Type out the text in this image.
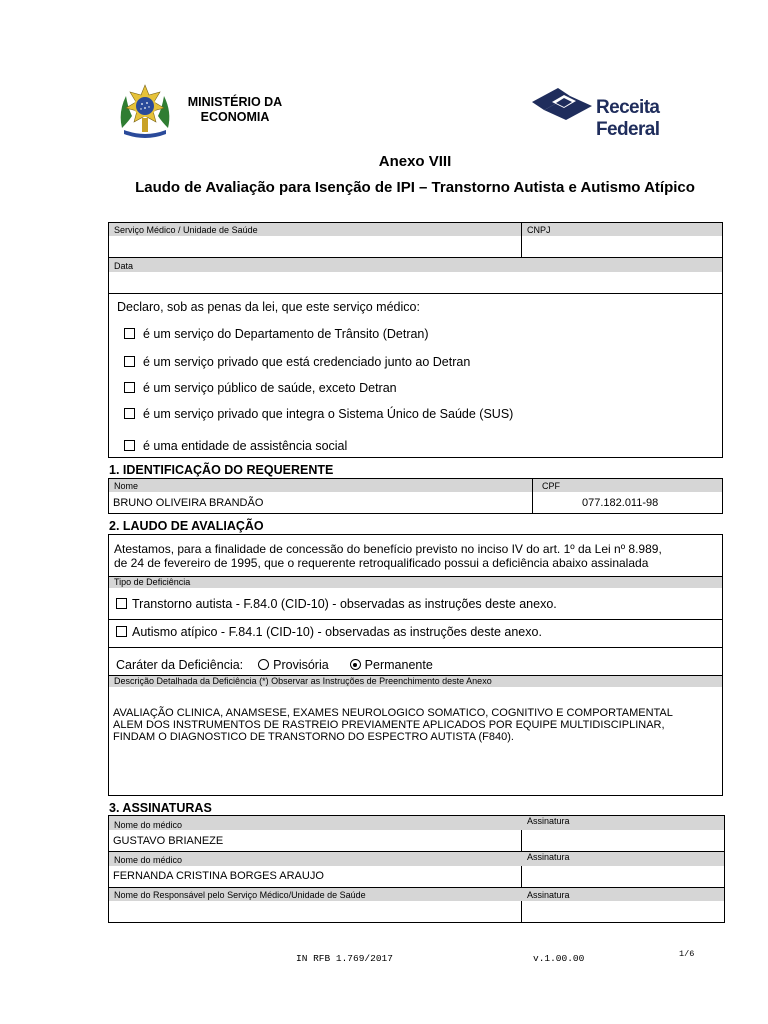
MINISTÉRIO DA
ECONOMIA	Receita Federal
Anexo VIII
Laudo de Avaliação para Isenção de IPI – Transtorno Autista e Autismo Atípico
Serviço Médico / Unidade de Saúde	CNPJ
Data
Declaro, sob as penas da lei, que este serviço médico:
é um serviço do Departamento de Trânsito (Detran)
é um serviço privado que está credenciado junto ao Detran
é um serviço público de saúde, exceto Detran
é um serviço privado que integra o Sistema Único de Saúde (SUS)
é uma entidade de assistência social
1. IDENTIFICAÇÃO DO REQUERENTE
Nome	CPF
BRUNO OLIVEIRA BRANDÃO	077.182.011-98
2. LAUDO DE AVALIAÇÃO
Atestamos, para a finalidade de concessão do benefício previsto no inciso IV do art. 1º da Lei nº 8.989,
de 24 de fevereiro de 1995, que o requerente retroqualificado possui a deficiência abaixo assinalada
Tipo de Deficiência
Transtorno autista - F.84.0 (CID-10) - observadas as instruções deste anexo.
Autismo atípico - F.84.1 (CID-10) - observadas as instruções deste anexo.
Caráter da Deficiência: Provisória	Permanente
Descrição Detalhada da Deficiência (*) Observar as Instruções de Preenchimento deste Anexo
AVALIAÇÃO CLINICA, ANAMSESE, EXAMES NEUROLOGICO SOMATICO, COGNITIVO E COMPORTAMENTAL
ALEM DOS INSTRUMENTOS DE RASTREIO PREVIAMENTE APLICADOS POR EQUIPE MULTIDISCIPLINAR,
FINDAM O DIAGNOSTICO DE TRANSTORNO DO ESPECTRO AUTISTA (F840).
3. ASSINATURAS
Nome do médico	Assinatura
GUSTAVO BRIANEZE
Nome do médico	Assinatura
FERNANDA CRISTINA BORGES ARAUJO
Nome do Responsável pelo Serviço Médico/Unidade de Saúde	Assinatura
IN RFB 1.769/2017	v.1.00.00	1/6
